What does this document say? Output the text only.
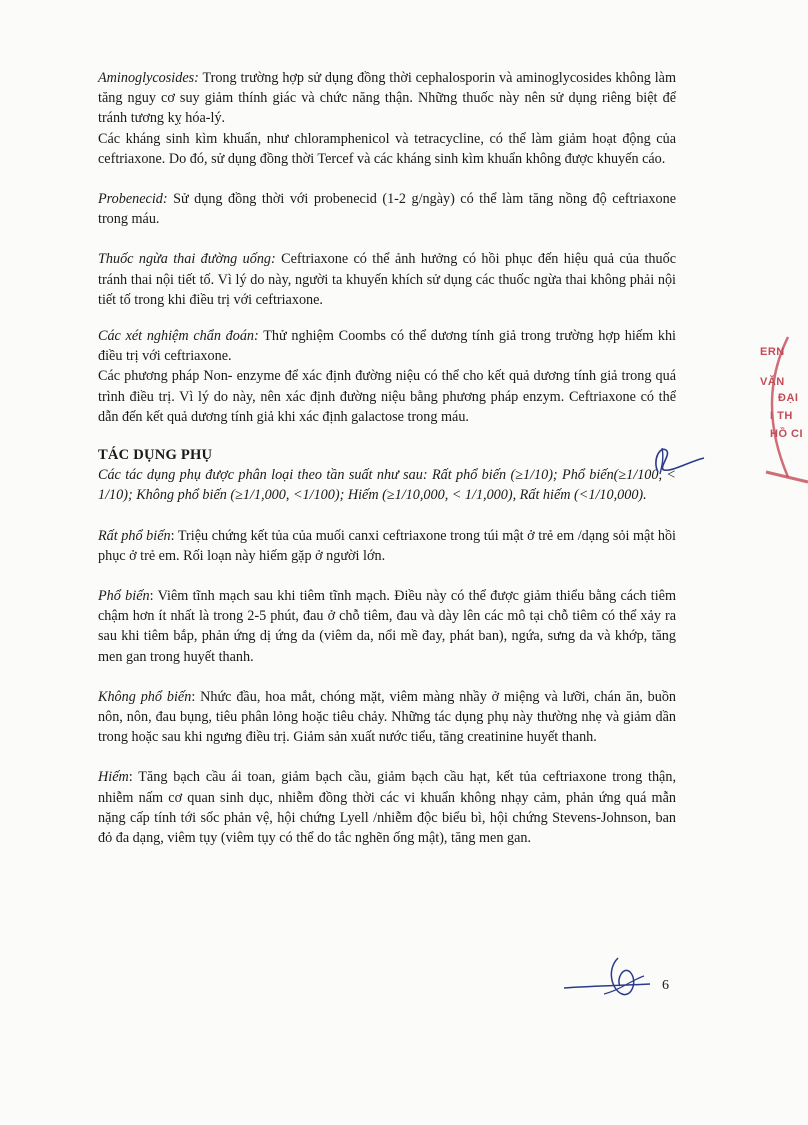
Aminoglycosides: Trong trường hợp sử dụng đồng thời cephalosporin và aminoglycosides không làm tăng nguy cơ suy giảm thính giác và chức năng thận. Những thuốc này nên sử dụng riêng biệt để tránh tương kỵ hóa-lý.

Các kháng sinh kìm khuẩn, như chloramphenicol và tetracycline, có thể làm giảm hoạt động của ceftriaxone. Do đó, sử dụng đồng thời Tercef và các kháng sinh kìm khuẩn không được khuyến cáo.

Probenecid: Sử dụng đồng thời với probenecid (1-2 g/ngày) có thể làm tăng nồng độ ceftriaxone trong máu.

Thuốc ngừa thai đường uống: Ceftriaxone có thể ảnh hưởng có hồi phục đến hiệu quả của thuốc tránh thai nội tiết tố. Vì lý do này, người ta khuyến khích sử dụng các thuốc ngừa thai không phải nội tiết tố trong khi điều trị với ceftriaxone.

Các xét nghiệm chẩn đoán: Thử nghiệm Coombs có thể dương tính giả trong trường hợp hiếm khi điều trị với ceftriaxone.

Các phương pháp Non- enzyme để xác định đường niệu có thể cho kết quả dương tính giả trong quá trình điều trị. Vì lý do này, nên xác định đường niệu bằng phương pháp enzym. Ceftriaxone có thể dẫn đến kết quả dương tính giả khi xác định galactose trong máu.

TÁC DỤNG PHỤ

Các tác dụng phụ được phân loại theo tần suất như sau: Rất phổ biến (≥1/10); Phổ biến(≥1/100, < 1/10); Không phổ biến (≥1/1,000, <1/100); Hiếm (≥1/10,000, < 1/1,000), Rất hiếm (<1/10,000).

Rất phổ biến: Triệu chứng kết tủa của muối canxi ceftriaxone trong túi mật ở trẻ em /dạng sỏi mật hồi phục ở trẻ em. Rối loạn này hiếm gặp ở người lớn.

Phổ biến: Viêm tĩnh mạch sau khi tiêm tĩnh mạch. Điều này có thể được giảm thiểu bằng cách tiêm chậm hơn ít nhất là trong 2-5 phút, đau ở chỗ tiêm, đau và dày lên các mô tại chỗ tiêm có thể xảy ra sau khi tiêm bắp, phản ứng dị ứng da (viêm da, nổi mề đay, phát ban), ngứa, sưng da và khớp, tăng men gan trong huyết thanh.

Không phổ biến: Nhức đầu, hoa mắt, chóng mặt, viêm màng nhầy ở miệng và lưỡi, chán ăn, buồn nôn, nôn, đau bụng, tiêu phân lỏng hoặc tiêu chảy. Những tác dụng phụ này thường nhẹ và giảm dần trong hoặc sau khi ngưng điều trị. Giảm sản xuất nước tiểu, tăng creatinine huyết thanh.

Hiếm: Tăng bạch cầu ái toan, giảm bạch cầu, giảm bạch cầu hạt, kết tủa ceftriaxone trong thận, nhiễm nấm cơ quan sinh dục, nhiễm đồng thời các vi khuẩn không nhạy cảm, phản ứng quá mẫn nặng cấp tính tới sốc phản vệ, hội chứng Lyell /nhiễm độc biểu bì, hội chứng Stevens-Johnson, ban đỏ đa dạng, viêm tụy (viêm tụy có thể do tắc nghẽn ống mật), tăng men gan.

ERN
VĂN
ĐẠI
I TH
HỒ CI
6
